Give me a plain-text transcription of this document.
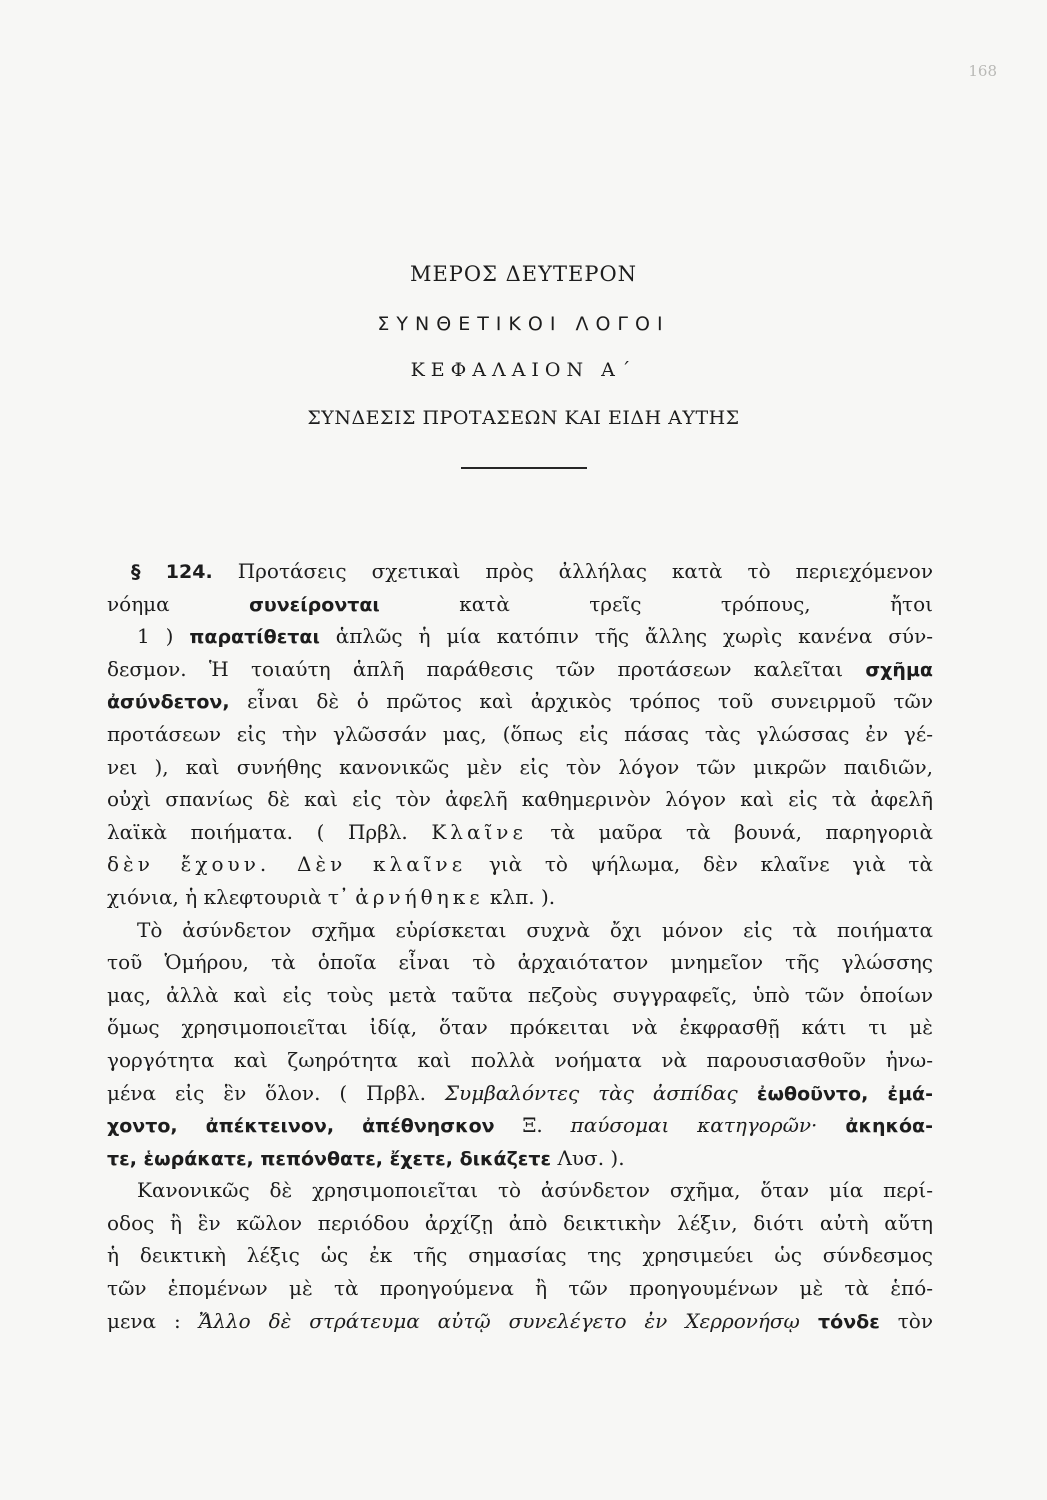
168
ΜΕΡΟΣ ΔΕΥΤΕΡΟΝ
ΣΥΝΘΕΤΙΚΟΙ ΛΟΓΟΙ
ΚΕΦΑΛΑΙΟΝ Α΄
ΣΥΝΔΕΣΙΣ ΠΡΟΤΑΣΕΩΝ ΚΑΙ ΕΙΔΗ ΑΥΤΗΣ
§ 124. Προτάσεις σχετικαὶ πρὸς ἀλλήλας κατὰ τὸ περιεχόμενον
νόημα συνείρονται κατὰ τρεῖς τρόπους, ἤτοι
1 ) παρατίθεται ἁπλῶς ἡ μία κατόπιν τῆς ἄλλης χωρὶς κανένα σύν-
δεσμον. Ἡ τοιαύτη ἁπλῆ παράθεσις τῶν προτάσεων καλεῖται σχῆμα
ἀσύνδετον, εἶναι δὲ ὁ πρῶτος καὶ ἀρχικὸς τρόπος τοῦ συνειρμοῦ τῶν
προτάσεων εἰς τὴν γλῶσσάν μας, (ὅπως εἰς πάσας τὰς γλώσσας ἐν γέ-
νει ), καὶ συνήθης κανονικῶς μὲν εἰς τὸν λόγον τῶν μικρῶν παιδιῶν,
οὐχὶ σπανίως δὲ καὶ εἰς τὸν ἀφελῆ καθημερινὸν λόγον καὶ εἰς τὰ ἀφελῆ
λαϊκὰ ποιήματα. ( Πρβλ. Κλαῖνε τὰ μαῦρα τὰ βουνά, παρηγοριὰ
δὲν ἔχουν. Δὲν κλαῖνε γιὰ τὸ ψήλωμα, δὲν κλαῖνε γιὰ τὰ
χιόνια, ἡ κλεφτουριὰ τ᾽ ἀρνήθηκε κλπ. ).
Τὸ ἀσύνδετον σχῆμα εὑρίσκεται συχνὰ ὄχι μόνον εἰς τὰ ποιήματα
τοῦ Ὁμήρου, τὰ ὁποῖα εἶναι τὸ ἀρχαιότατον μνημεῖον τῆς γλώσσης
μας, ἀλλὰ καὶ εἰς τοὺς μετὰ ταῦτα πεζοὺς συγγραφεῖς, ὑπὸ τῶν ὁποίων
ὅμως χρησιμοποιεῖται ἰδίᾳ, ὅταν πρόκειται νὰ ἐκφρασθῇ κάτι τι μὲ
γοργότητα καὶ ζωηρότητα καὶ πολλὰ νοήματα νὰ παρουσιασθοῦν ἡνω-
μένα εἰς ἓν ὅλον. ( Πρβλ. Συμβαλόντες τὰς ἀσπίδας ἐωθοῦντο, ἐμά-
χοντο, ἀπέκτεινον, ἀπέθνησκον Ξ. παύσομαι κατηγορῶν· ἀκηκόα-
τε, ἑωράκατε, πεπόνθατε, ἔχετε, δικάζετε Λυσ. ).
Κανονικῶς δὲ χρησιμοποιεῖται τὸ ἀσύνδετον σχῆμα, ὅταν μία περί-
οδος ἢ ἓν κῶλον περιόδου ἀρχίζῃ ἀπὸ δεικτικὴν λέξιν, διότι αὐτὴ αὕτη
ἡ δεικτικὴ λέξις ὡς ἐκ τῆς σημασίας της χρησιμεύει ὡς σύνδεσμος
τῶν ἑπομένων μὲ τὰ προηγούμενα ἢ τῶν προηγουμένων μὲ τὰ ἑπό-
μενα : Ἄλλο δὲ στράτευμα αὐτῷ συνελέγετο ἐν Χερρονήσῳ τόνδε τὸν
